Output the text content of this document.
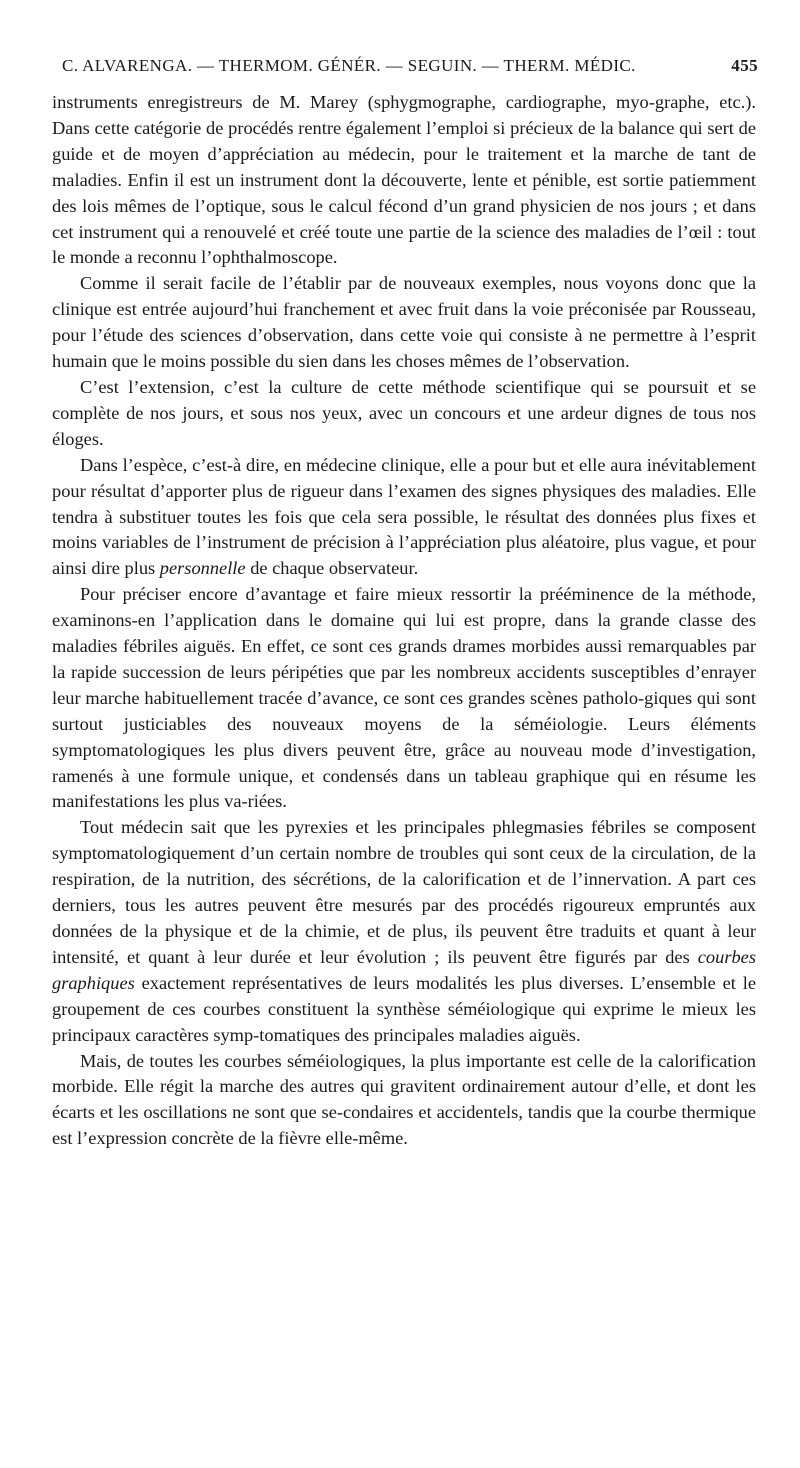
C. ALVARENGA. — THERMOM. GÉNÉR. — SEGUIN. — THERM. MÉDIC.	455

instruments enregistreurs de M. Marey (sphygmographe, cardiographe, myo-graphe, etc.). Dans cette catégorie de procédés rentre également l’emploi si précieux de la balance qui sert de guide et de moyen d’appréciation au médecin, pour le traitement et la marche de tant de maladies. Enfin il est un instrument dont la découverte, lente et pénible, est sortie patiemment des lois mêmes de l’optique, sous le calcul fécond d’un grand physicien de nos jours ; et dans cet instrument qui a renouvelé et créé toute une partie de la science des maladies de l’œil : tout le monde a reconnu l’ophthalmoscope.

Comme il serait facile de l’établir par de nouveaux exemples, nous voyons donc que la clinique est entrée aujourd’hui franchement et avec fruit dans la voie préconisée par Rousseau, pour l’étude des sciences d’observation, dans cette voie qui consiste à ne permettre à l’esprit humain que le moins possible du sien dans les choses mêmes de l’observation.

C’est l’extension, c’est la culture de cette méthode scientifique qui se poursuit et se complète de nos jours, et sous nos yeux, avec un concours et une ardeur dignes de tous nos éloges.

Dans l’espèce, c’est-à dire, en médecine clinique, elle a pour but et elle aura inévitablement pour résultat d’apporter plus de rigueur dans l’examen des signes physiques des maladies. Elle tendra à substituer toutes les fois que cela sera possible, le résultat des données plus fixes et moins variables de l’instrument de précision à l’appréciation plus aléatoire, plus vague, et pour ainsi dire plus personnelle de chaque observateur.

Pour préciser encore d’avantage et faire mieux ressortir la prééminence de la méthode, examinons-en l’application dans le domaine qui lui est propre, dans la grande classe des maladies fébriles aiguës. En effet, ce sont ces grands drames morbides aussi remarquables par la rapide succession de leurs péripéties que par les nombreux accidents susceptibles d’enrayer leur marche habituellement tracée d’avance, ce sont ces grandes scènes patholo-giques qui sont surtout justiciables des nouveaux moyens de la séméiologie. Leurs éléments symptomatologiques les plus divers peuvent être, grâce au nouveau mode d’investigation, ramenés à une formule unique, et condensés dans un tableau graphique qui en résume les manifestations les plus va-riées.

Tout médecin sait que les pyrexies et les principales phlegmasies fébriles se composent symptomatologiquement d’un certain nombre de troubles qui sont ceux de la circulation, de la respiration, de la nutrition, des sécrétions, de la calorification et de l’innervation. A part ces derniers, tous les autres peuvent être mesurés par des procédés rigoureux empruntés aux données de la physique et de la chimie, et de plus, ils peuvent être traduits et quant à leur intensité, et quant à leur durée et leur évolution ; ils peuvent être figurés par des courbes graphiques exactement représentatives de leurs modalités les plus diverses. L’ensemble et le groupement de ces courbes constituent la synthèse séméiologique qui exprime le mieux les principaux caractères symp-tomatiques des principales maladies aiguës.

Mais, de toutes les courbes séméiologiques, la plus importante est celle de la calorification morbide. Elle régit la marche des autres qui gravitent ordinairement autour d’elle, et dont les écarts et les oscillations ne sont que se-condaires et accidentels, tandis que la courbe thermique est l’expression concrète de la fièvre elle-même.
